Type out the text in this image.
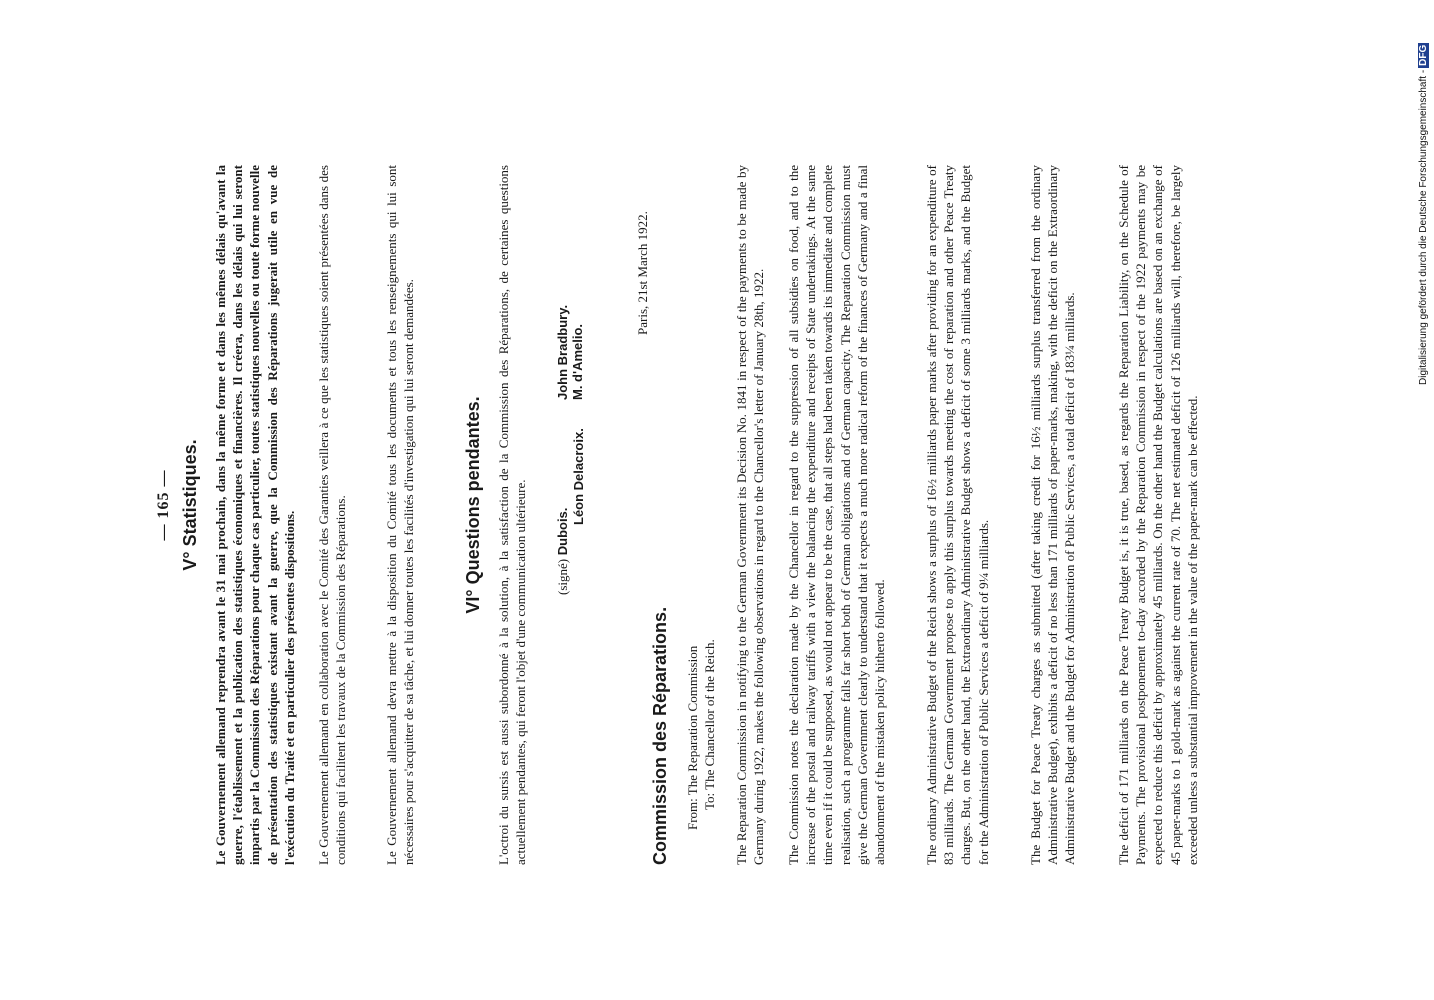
— 165 — V° Statistiques. Le Gouvernement allemand reprendra avant le 31 mai prochain, dans la même forme et dans les mêmes délais qu'avant la guerre, l'établissement et la publication des statistiques économiques et financières. Il créera, dans les délais qui lui seront impartis par la Commission des Réparations pour chaque cas particulier, toutes statistiques nouvelles ou toute forme nouvelle de présentation des statistiques existant avant la guerre, que la Commission des Réparations jugerait utile en vue de l'exécution du Traité et en particulier des présentes dispositions. Le Gouvernement allemand en collaboration avec le Comité des Garanties veillera à ce que les statistiques soient présentées dans des conditions qui facilitent les travaux de la Commission des Réparations.	Le Gouvernement allemand devra mettre à la disposition du Comité tous les documents et tous les renseignements qui lui sont nécessaires pour s'acquitter de sa tâche, et lui donner toutes les facilités d'investigation qui lui seront demandées.	VI° Questions pendantes. L'octroi du sursis est aussi subordonné à la solution, à la satisfaction de la Commission des Réparations, de certaines questions actuellement pendantes, qui feront l'objet d'une communication ultérieure. (signé) Dubois.
Léon Delacroix.
John Bradbury.
M. d'Amelio.
Paris, 21st March 1922.
Commission des Réparations. From: The Reparation Commission To: The Chancellor of the Reich. The Reparation Commission in notifying to the German Government its Decision No. 1841 in respect of the payments to be made by Germany during 1922, makes the following observations in regard to the Chancellor's letter of January 28th, 1922. The Commission notes the declaration made by the Chancellor in regard to the suppression of all subsidies on food, and to the increase of the postal and railway tariffs with a view the balancing the expenditure and receipts of State undertakings. At the same time even if it could be supposed, as would not appear to be the case, that all steps had been taken towards its immediate and complete realisation, such a programme falls far short both of German obligations and of German capacity. The Reparation Commission must give the German Government clearly to understand that it expects a much more radical reform of the finances of Germany and a final abandonment of the mistaken policy hitherto followed.	The ordinary Administrative Budget of the Reich shows a surplus of 16½ milliards paper marks after providing for an expenditure of 83 milliards. The German Government propose to apply this surplus towards meeting the cost of reparation and other Peace Treaty charges. But, on the other hand, the Extraordinary Administrative Budget shows a deficit of some 3 milliards marks, and the Budget for the Administration of Public Services a deficit of 9¼ milliards.	The Budget for Peace Treaty charges as submitted (after taking credit for 16½ milliards surplus transferred from the ordinary Administrative Budget), exhibits a deficit of no less than 171 milliards of paper-marks, making, with the deficit on the Extraordinary Administrative Budget and the Budget for Administration of Public Services, a total deficit of 183¼ milliards.	The deficit of 171 milliards on the Peace Treaty Budget is, it is true, based, as regards the Reparation Liability, on the Schedule of Payments. The provisional postponement to-day accorded by the Reparation Commission in respect of the 1922 payments may be expected to reduce this deficit by approximately 45 milliards. On the other hand the Budget calculations are based on an exchange of 45 paper-marks to 1 gold-mark as against the current rate of 70. The net estimated deficit of 126 milliards will, therefore, be largely exceeded unless a substantial improvement in the value of the paper-mark can be effected.

Digitalisierung gefördert durch die Deutsche Forschungsgemeinschaft -DFG
